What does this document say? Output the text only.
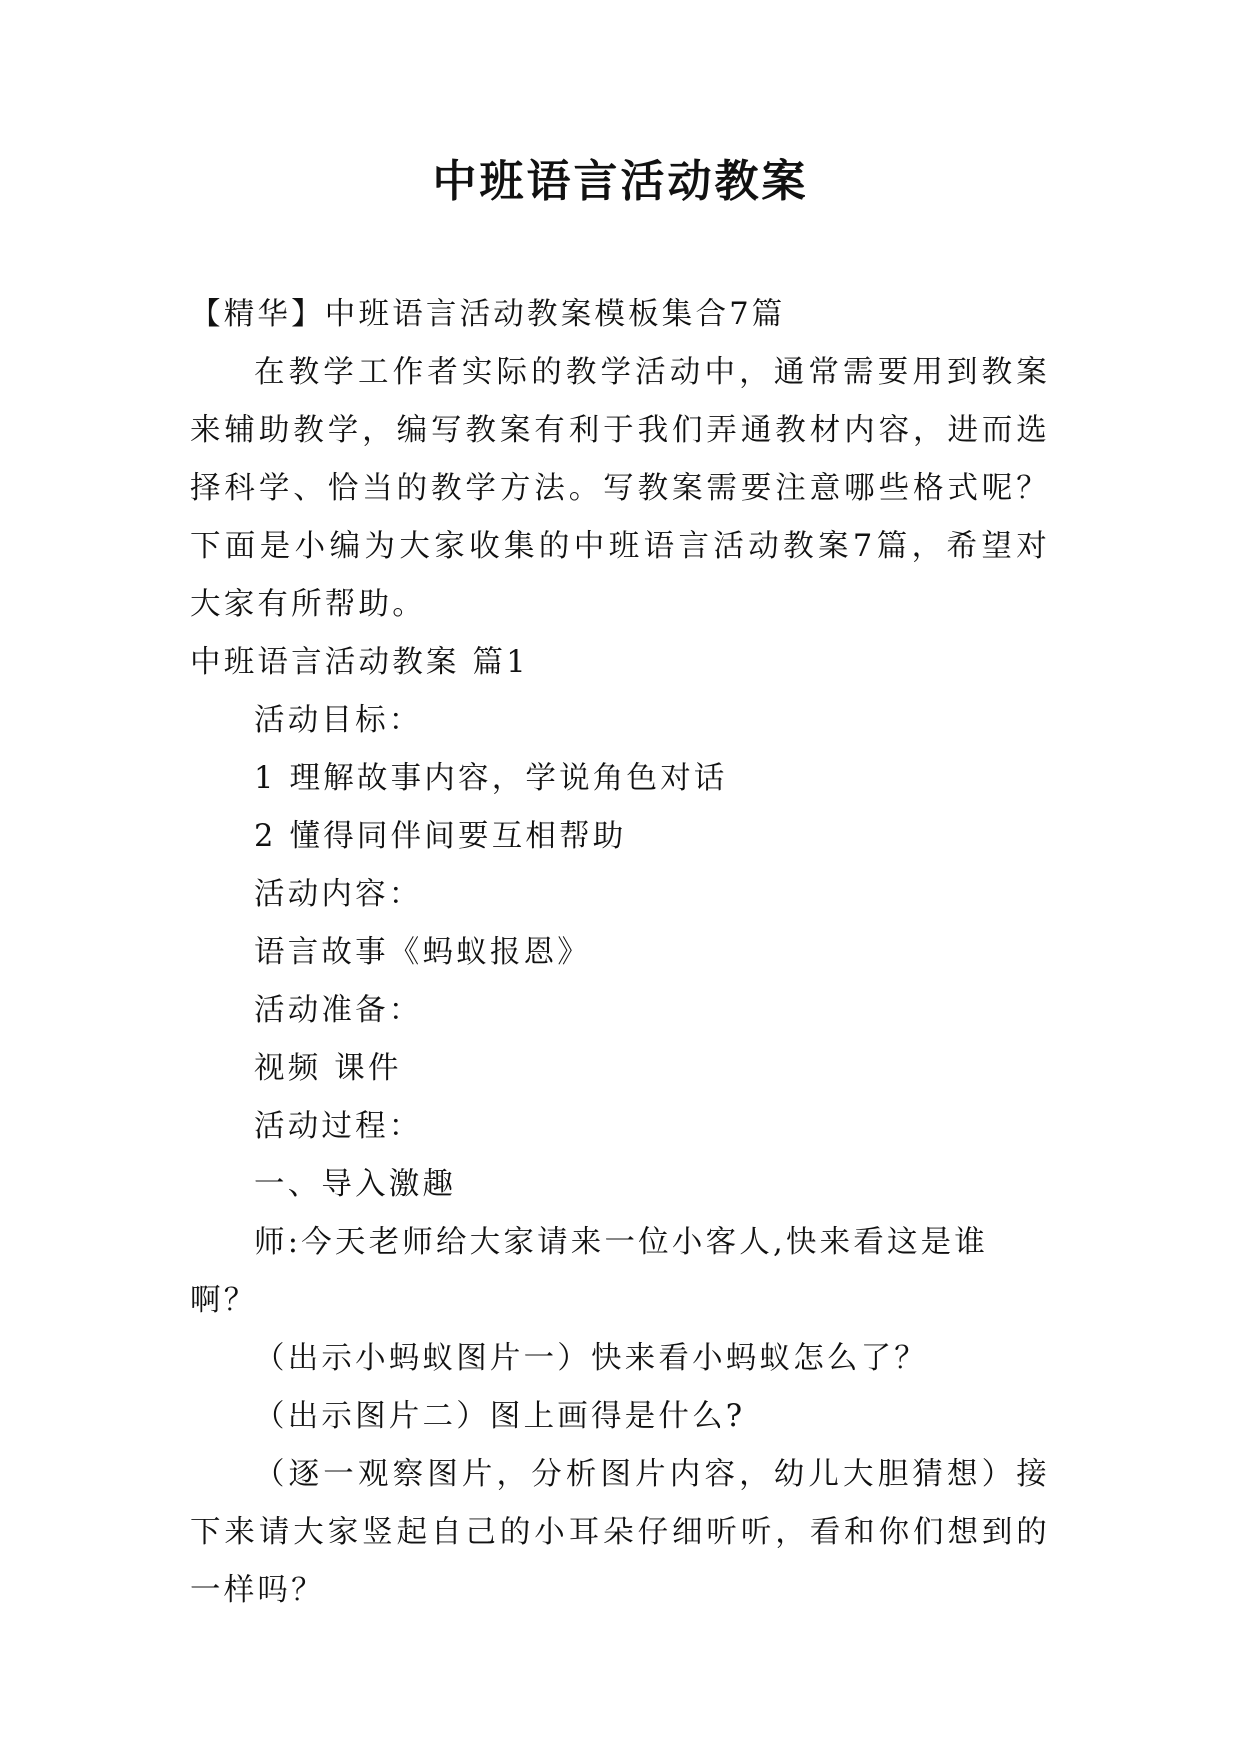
中班语言活动教案

【精华】中班语言活动教案模板集合7篇

在教学工作者实际的教学活动中，通常需要用到教案来辅助教学，编写教案有利于我们弄通教材内容，进而选择科学、恰当的教学方法。写教案需要注意哪些格式呢？下面是小编为大家收集的中班语言活动教案7篇，希望对大家有所帮助。

中班语言活动教案 篇1

活动目标：

1 理解故事内容，学说角色对话

2 懂得同伴间要互相帮助

活动内容：

语言故事《蚂蚁报恩》

活动准备：

视频 课件

活动过程：

一、导入激趣

师:今天老师给大家请来一位小客人,快来看这是谁啊？

（出示小蚂蚁图片一）快来看小蚂蚁怎么了？

（出示图片二）图上画得是什么?

（逐一观察图片，分析图片内容，幼儿大胆猜想）接下来请大家竖起自己的小耳朵仔细听听，看和你们想到的一样吗？
